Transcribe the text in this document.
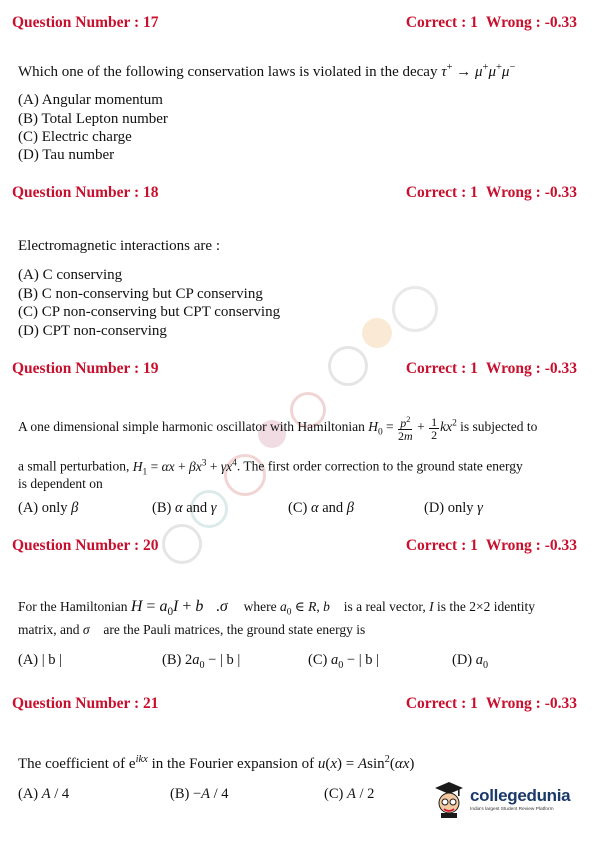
Question Number : 17	Correct : 1 Wrong : -0.33
Which one of the following conservation laws is violated in the decay τ+ → μ+μ+μ−
(A) Angular momentum
(B) Total Lepton number
(C) Electric charge
(D) Tau number
Question Number : 18	Correct : 1 Wrong : -0.33
Electromagnetic interactions are :
(A) C conserving
(B) C non-conserving but CP conserving
(C) CP non-conserving but CPT conserving
(D) CPT non-conserving
Question Number : 19	Correct : 1 Wrong : -0.33
A one dimensional simple harmonic oscillator with Hamiltonian $H_0 = \frac{p^2}{2m} + \frac{1}{2} kx^2$ is subjected to
a small perturbation, $H_1 = \alpha x + \beta x^3 + \gamma x^4$. The first order correction to the ground state energy
is dependent on
(A) only β	(B) α and γ	(C) α and β	(D) only γ
Question Number : 20	Correct : 1 Wrong : -0.33
For the Hamiltonian $H = a_0I$ + b⃗.σ⃗ where $a_0$ ∈ R, b⃗ is a real vector, I is the 2×2 identity
matrix, and σ⃗ are the Pauli matrices, the ground state energy is
(A) | b |	(B) $2a_0$ − | b |	(C) $a_0$ − | b |	(D) $a_0$
Question Number : 21	Correct : 1 Wrong : -0.33
The coefficient of $e^{ikx}$ in the Fourier expansion of u(x) = Asin$^2$(αx)
(A) A / 4	(B) −A / 4	(C) A / 2	collegedunia
India's largest Student Review Platform
